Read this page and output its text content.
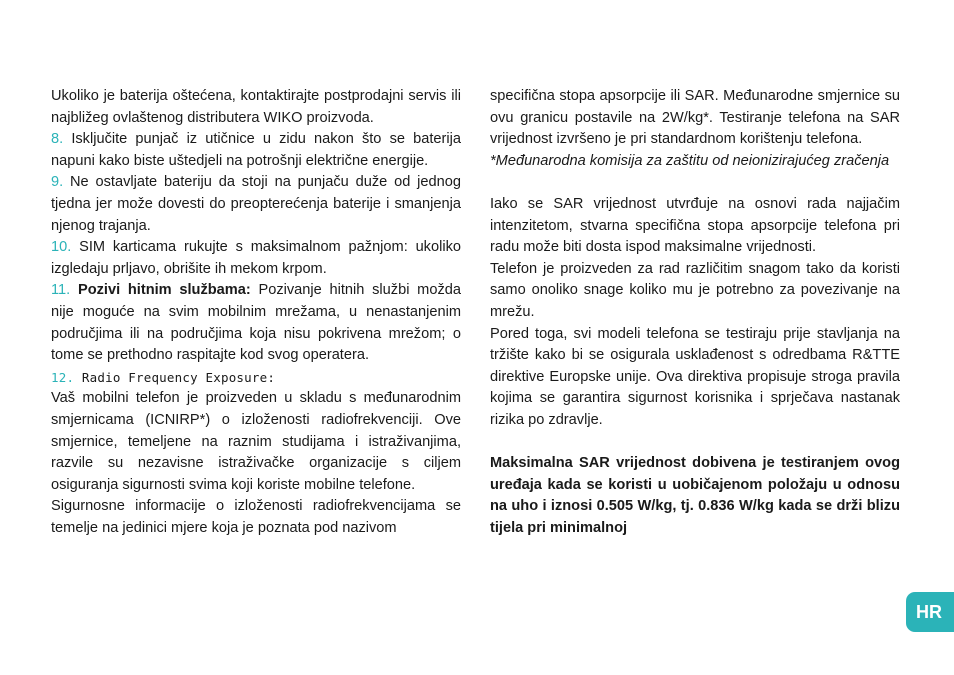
Ukoliko je baterija oštećena, kontaktirajte postprodajni servis ili najbližeg ovlaštenog distributera WIKO proizvoda.

8. Isključite punjač iz utičnice u zidu nakon što se baterija napuni kako biste uštedjeli na potrošnji električne energije.

9. Ne ostavljate bateriju da stoji na punjaču duže od jednog tjedna jer može dovesti do preopterećenja baterije i smanjenja njenog trajanja.

10. SIM karticama rukujte s maksimalnom pažnjom: ukoliko izgledaju prljavo, obrišite ih mekom krpom.

11. Pozivi hitnim službama: Pozivanje hitnih službi možda nije moguće na svim mobilnim mrežama, u nenastanjenim područjima ili na područjima koja nisu pokrivena mrežom; o tome se prethodno raspitajte kod svog operatera.

12. Radio Frequency Exposure:

Vaš mobilni telefon je proizveden u skladu s međunarodnim smjernicama (ICNIRP*) o izloženosti radiofrekvenciji. Ove smjernice, temeljene na raznim studijama i istraživanjima, razvile su nezavisne istraživačke organizacije s ciljem osiguranja sigurnosti svima koji koriste mobilne telefone.

Sigurnosne informacije o izloženosti radiofrekvencijama se temelje na jedinici mjere koja je poznata pod nazivom

specifična stopa apsorpcije ili SAR. Međunarodne smjernice su ovu granicu postavile na 2W/kg*. Testiranje telefona na SAR vrijednost izvršeno je pri standardnom korištenju telefona.

*Međunarodna komisija za zaštitu od neionizirajućeg zračenja

Iako se SAR vrijednost utvrđuje na osnovi rada najjačim intenzitetom, stvarna specifična stopa apsorpcije telefona pri radu može biti dosta ispod maksimalne vrijednosti.

Telefon je proizveden za rad različitim snagom tako da koristi samo onoliko snage koliko mu je potrebno za povezivanje na mrežu.

Pored toga, svi modeli telefona se testiraju prije stavljanja na tržište kako bi se osigurala usklađenost s odredbama R&TTE direktive Europske unije. Ova direktiva propisuje stroga pravila kojima se garantira sigurnost korisnika i sprječava nastanak rizika po zdravlje.

Maksimalna SAR vrijednost dobivena je testiranjem ovog uređaja kada se koristi u uobičajenom položaju u odnosu na uho i iznosi 0.505 W/kg, tj. 0.836 W/kg kada se drži blizu tijela pri minimalnoj

HR
